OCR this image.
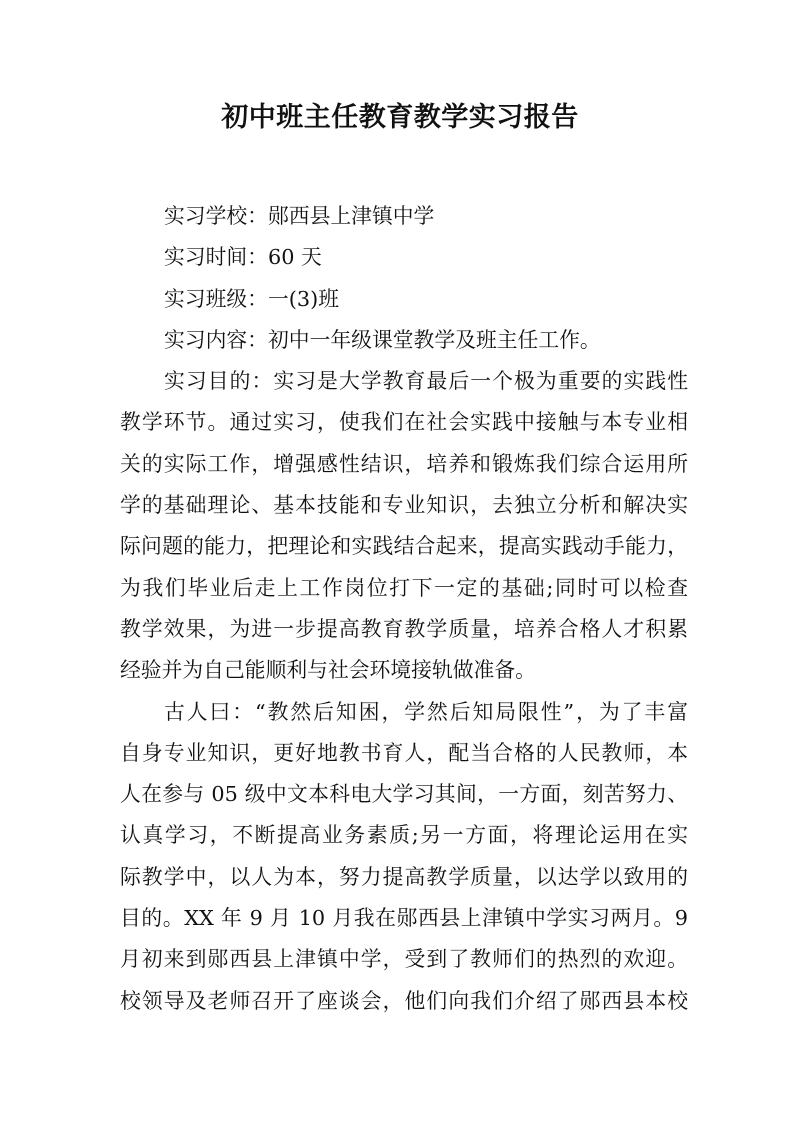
初中班主任教育教学实习报告
实习学校：郧西县上津镇中学
实习时间：60 天
实习班级：一(3)班
实习内容：初中一年级课堂教学及班主任工作。
实习目的：实习是大学教育最后一个极为重要的实践性
教学环节。通过实习，使我们在社会实践中接触与本专业相
关的实际工作，增强感性结识，培养和锻炼我们综合运用所
学的基础理论、基本技能和专业知识，去独立分析和解决实
际问题的能力，把理论和实践结合起来，提高实践动手能力，
为我们毕业后走上工作岗位打下一定的基础;同时可以检查
教学效果，为进一步提高教育教学质量，培养合格人才积累
经验并为自己能顺利与社会环境接轨做准备。
古人曰：“教然后知困，学然后知局限性”，为了丰富
自身专业知识，更好地教书育人，配当合格的人民教师，本
人在参与 05 级中文本科电大学习其间，一方面，刻苦努力、
认真学习，不断提高业务素质;另一方面，将理论运用在实
际教学中，以人为本，努力提高教学质量，以达学以致用的
目的。XX 年 9 月 10 月我在郧西县上津镇中学实习两月。9
月初来到郧西县上津镇中学，受到了教师们的热烈的欢迎。
校领导及老师召开了座谈会，他们向我们介绍了郧西县本校
